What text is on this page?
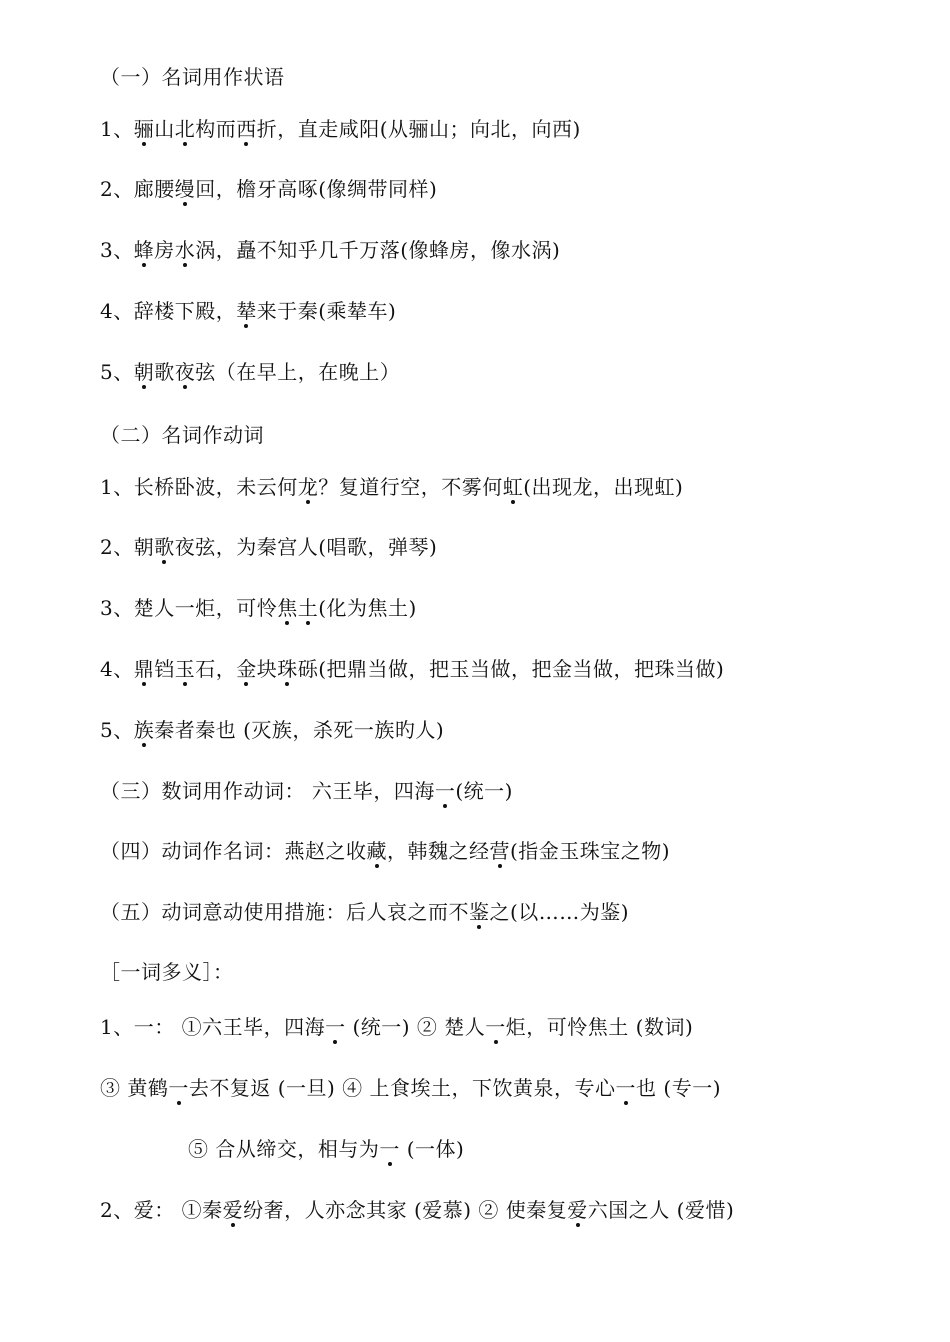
（一）名词用作状语
1、骊山北构而西折，直走咸阳(从骊山；向北，向西)
2、廊腰缦回，檐牙高啄(像绸带同样)
3、蜂房水涡，矗不知乎几千万落(像蜂房，像水涡)
4、辞楼下殿，辇来于秦(乘辇车)
5、朝歌夜弦（在早上，在晚上）
（二）名词作动词
1、长桥卧波，未云何龙？复道行空，不雾何虹(出现龙，出现虹)
2、朝歌夜弦，为秦宫人(唱歌，弹琴)
3、楚人一炬，可怜焦土(化为焦土)
4、鼎铛玉石，金块珠砾(把鼎当做，把玉当做，把金当做，把珠当做)
5、族秦者秦也 (灭族，杀死一族旳人)
（三）数词用作动词： 六王毕，四海一(统一)
（四）动词作名词：燕赵之收藏，韩魏之经营(指金玉珠宝之物)
（五）动词意动使用措施：后人哀之而不鉴之(以……为鉴)
［一词多义］：
1、一： ①六王毕，四海一 (统一) ② 楚人一炬，可怜焦土 (数词)
③ 黄鹤一去不复返 (一旦) ④ 上食埃土，下饮黄泉，专心一也 (专一)
⑤ 合从缔交，相与为一 (一体)
2、爱： ①秦爱纷奢，人亦念其家 (爱慕) ② 使秦复爱六国之人 (爱惜)
